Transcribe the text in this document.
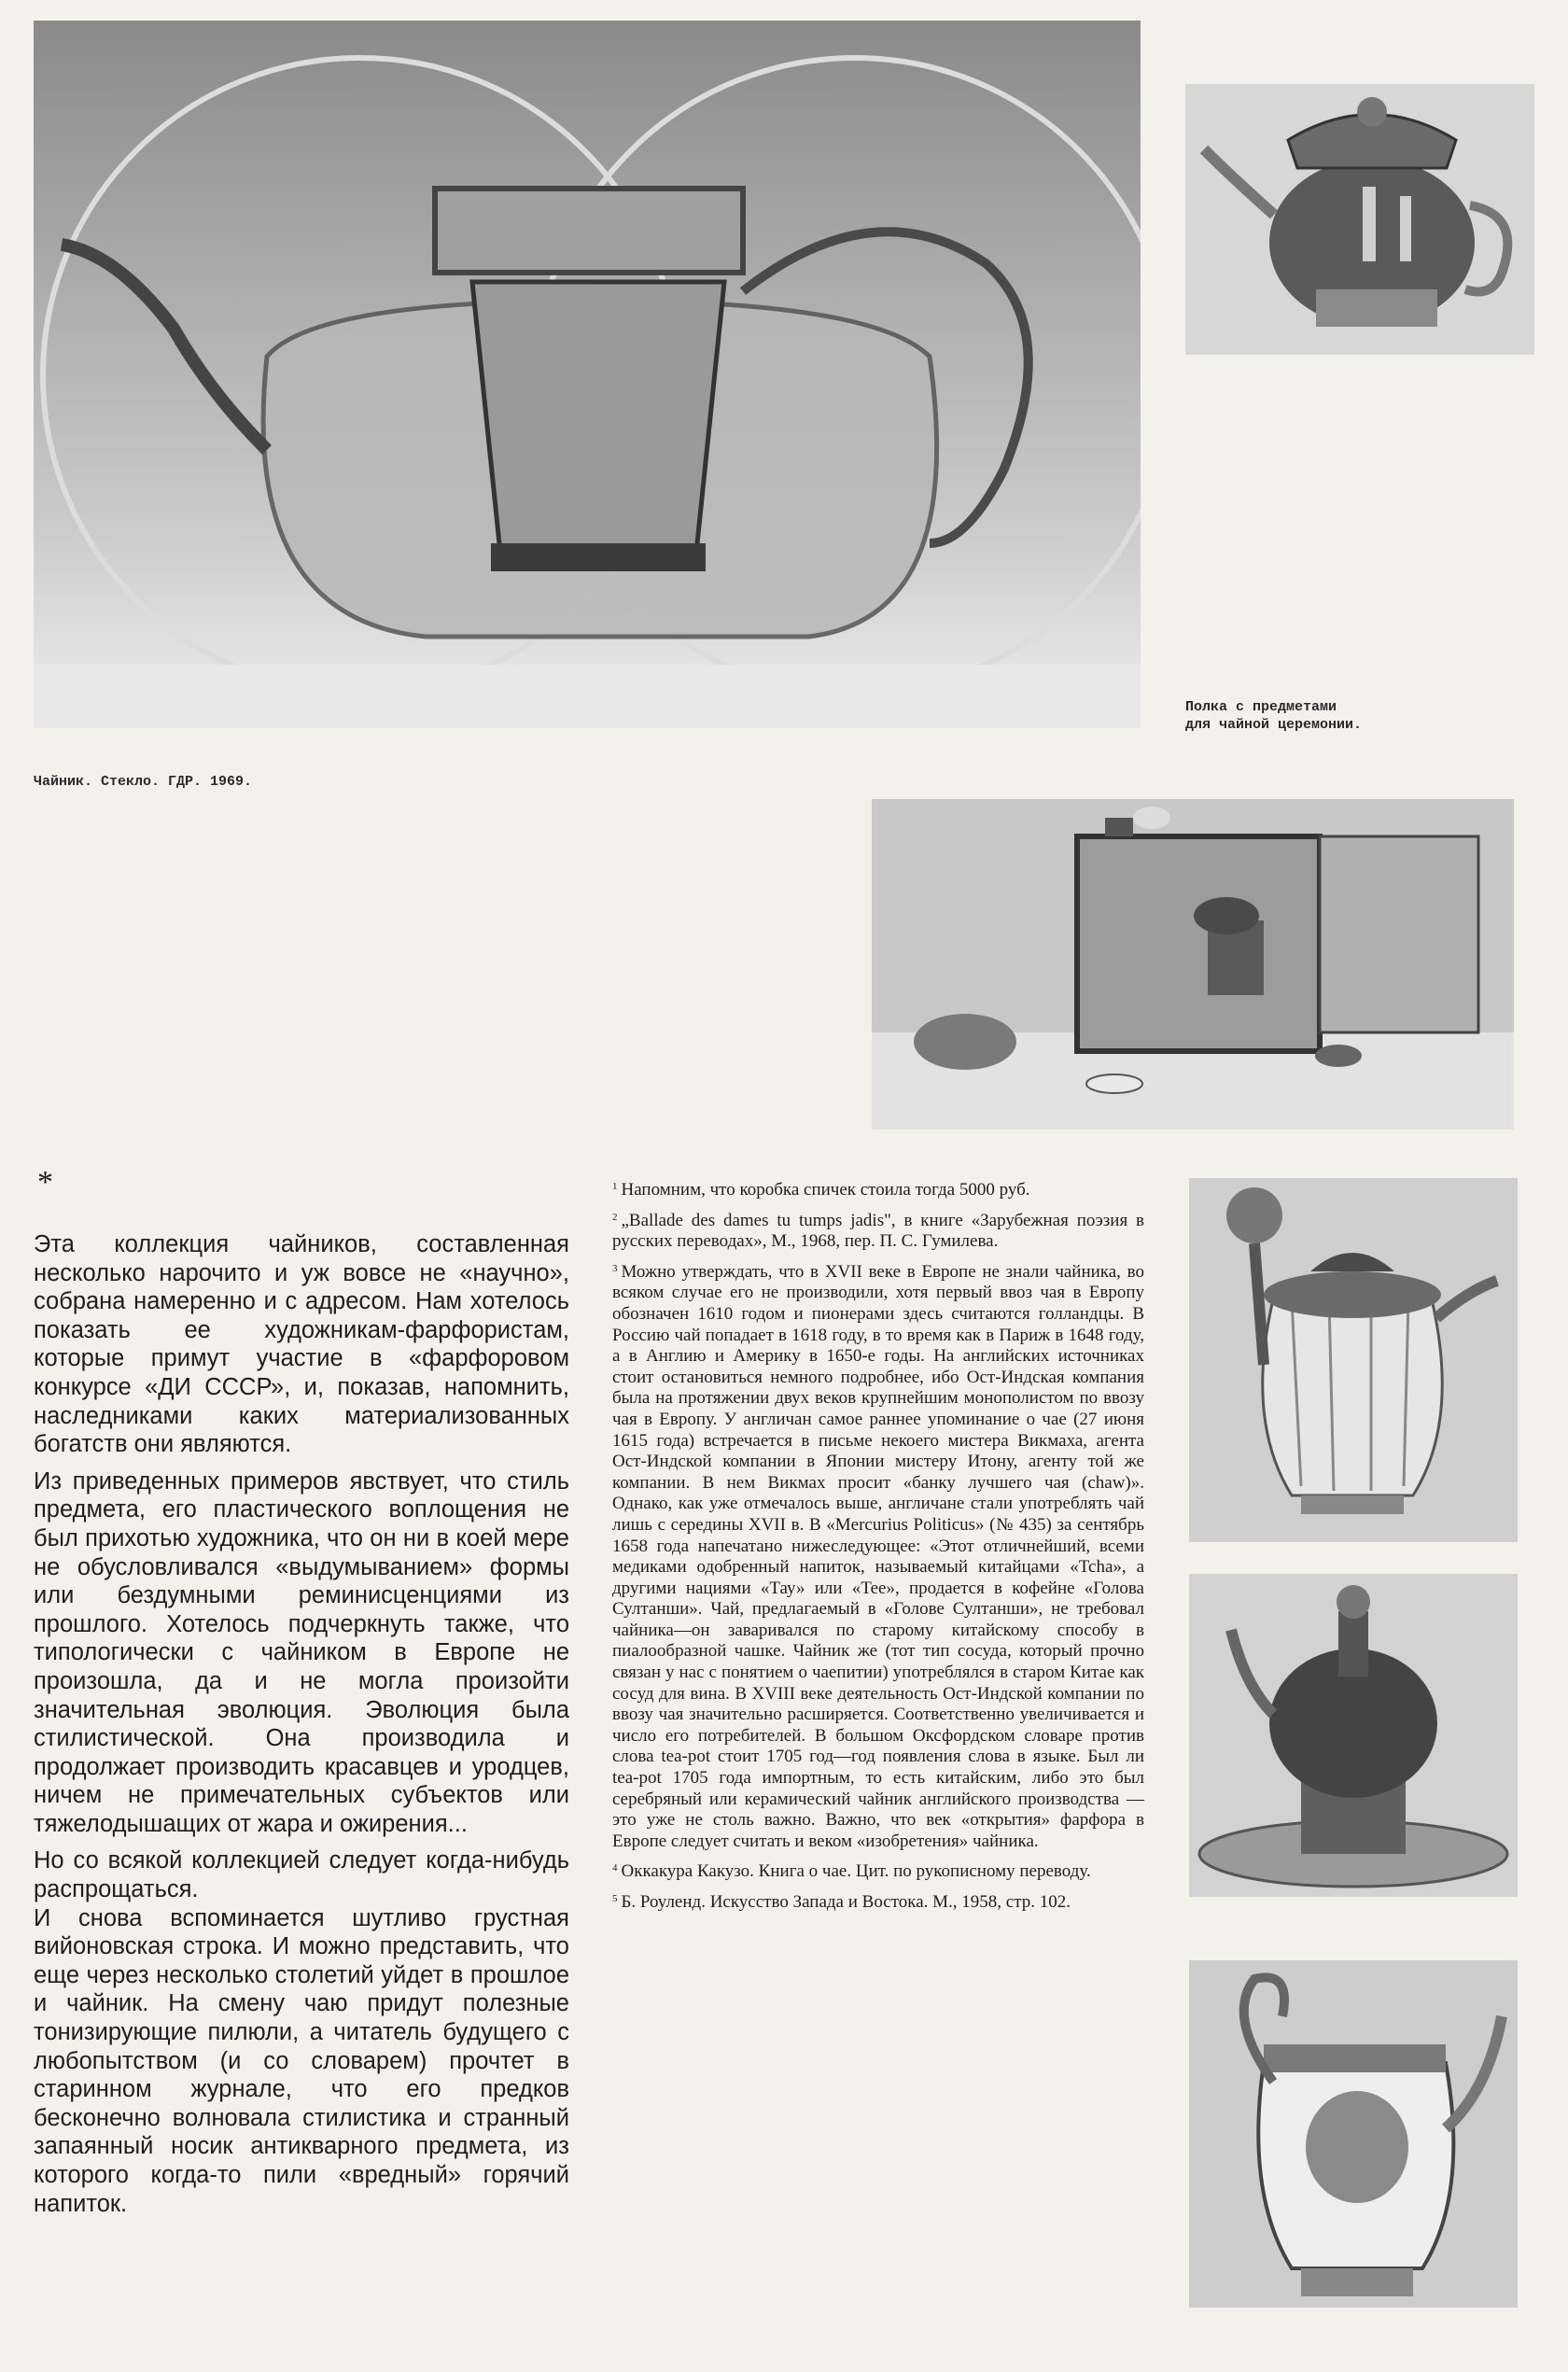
Полка с предметами
для чайной церемонии.
Чайник. Стекло. ГДР. 1969.
*

Эта коллекция чайников, составленная несколько нарочито и уж вовсе не «научно», собрана намеренно и с адресом. Нам хотелось показать ее художникам-фарфористам, которые примут участие в «фарфоровом конкурсе «ДИ СССР», и, показав, напомнить, наследниками каких материализованных богатств они являются.

Из приведенных примеров явствует, что стиль предмета, его пластического воплощения не был прихотью художника, что он ни в коей мере не обусловливался «выдумыванием» формы или бездумными реминисценциями из прошлого. Хотелось подчеркнуть также, что типологически с чайником в Европе не произошла, да и не могла произойти значительная эволюция. Эволюция была стилистической. Она производила и продолжает производить красавцев и уродцев, ничем не примечательных субъектов или тяжелодышащих от жара и ожирения...

Но со всякой коллекцией следует когда-нибудь распрощаться.

И снова вспоминается шутливо грустная вийоновская строка. И можно представить, что еще через несколько столетий уйдет в прошлое и чайник. На смену чаю придут полезные тонизирующие пилюли, а читатель будущего с любопытством (и со словарем) прочтет в старинном журнале, что его предков бесконечно волновала стилистика и странный запаянный носик антикварного предмета, из которого когда-то пили «вредный» горячий напиток.

$^1$ Напомним, что коробка спичек стоила тогда 5000 руб.

$^2$ „Ballade des dames tu tumps jadis", в книге «Зарубежная поэзия в русских переводах», М., 1968, пер. П. С. Гумилева.

$^3$ Можно утверждать, что в XVII веке в Европе не знали чайника, во всяком случае его не производили, хотя первый ввоз чая в Европу обозначен 1610 годом и пионерами здесь считаются голландцы. В Россию чай попадает в 1618 году, в то время как в Париж в 1648 году, а в Англию и Америку в 1650-е годы. На английских источниках стоит остановиться немного подробнее, ибо Ост-Индская компания была на протяжении двух веков крупнейшим монополистом по ввозу чая в Европу. У англичан самое раннее упоминание о чае (27 июня 1615 года) встречается в письме некоего мистера Викмаха, агента Ост-Индской компании в Японии мистеру Итону, агенту той же компании. В нем Викмах просит «банку лучшего чая (chaw)». Однако, как уже отмечалось выше, англичане стали употреблять чай лишь с середины XVII в. В «Mercurius Politicus» (№ 435) за сентябрь 1658 года напечатано нижеследующее: «Этот отличнейший, всеми медиками одобренный напиток, называемый китайцами «Tcha», а другими нациями «Тау» или «Tee», продается в кофейне «Голова Султанши». Чай, предлагаемый в «Голове Султанши», не требовал чайника—он заваривался по старому китайскому способу в пиалообразной чашке. Чайник же (тот тип сосуда, который прочно связан у нас с понятием о чаепитии) употреблялся в старом Китае как сосуд для вина. В XVIII веке деятельность Ост-Индской компании по ввозу чая значительно расширяется. Соответственно увеличивается и число его потребителей. В большом Оксфордском словаре против слова tea-pot стоит 1705 год—год появления слова в языке. Был ли tea-pot 1705 года импортным, то есть китайским, либо это был серебряный или керамический чайник английского производства — это уже не столь важно. Важно, что век «открытия» фарфора в Европе следует считать и веком «изобретения» чайника.

$^4$ Оккакура Какузо. Книга о чае. Цит. по рукописному переводу.

$^5$ Б. Роуленд. Искусство Запада и Востока. М., 1958, стр. 102.
